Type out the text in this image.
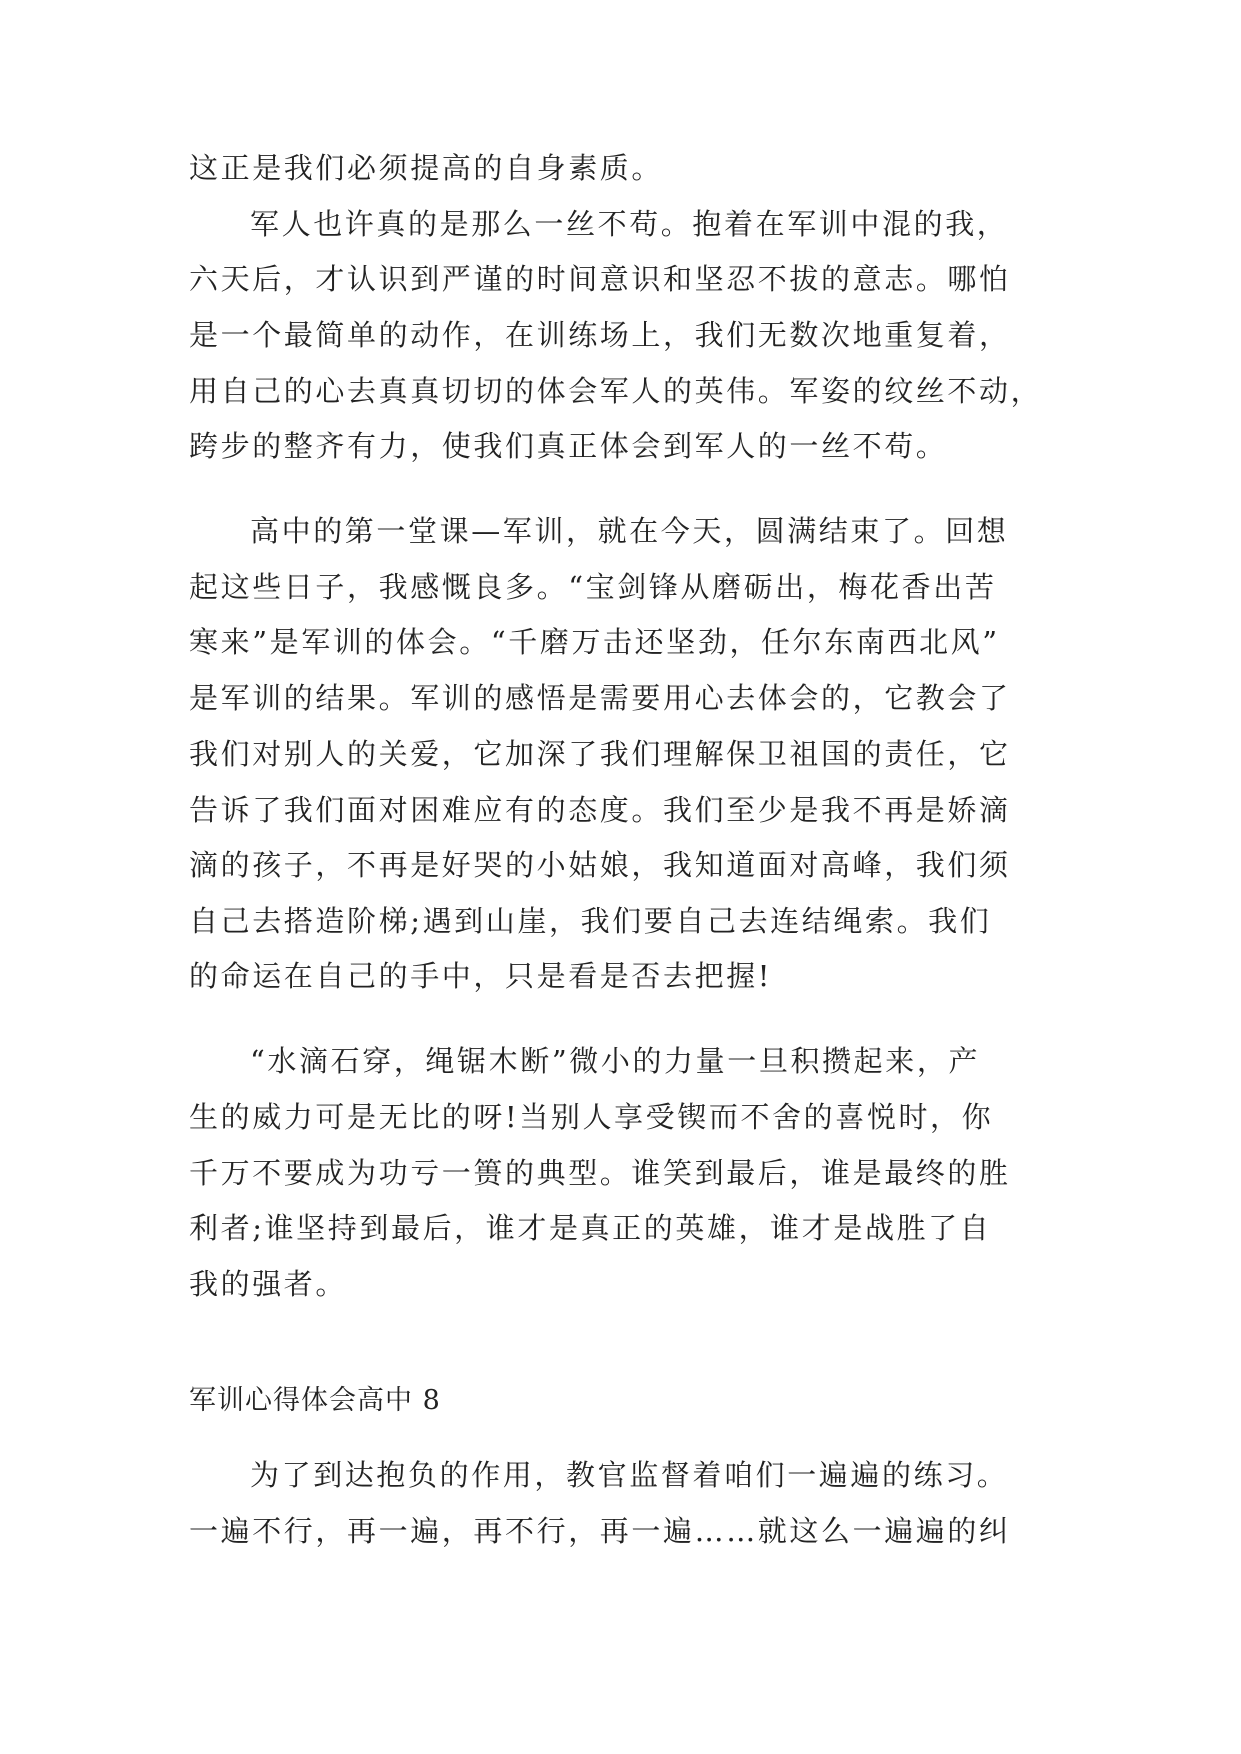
这正是我们必须提高的自身素质。
军人也许真的是那么一丝不苟。抱着在军训中混的我，
六天后，才认识到严谨的时间意识和坚忍不拔的意志。哪怕
是一个最简单的动作，在训练场上，我们无数次地重复着，
用自己的心去真真切切的体会军人的英伟。军姿的纹丝不动，
跨步的整齐有力，使我们真正体会到军人的一丝不苟。
高中的第一堂课—军训，就在今天，圆满结束了。回想
起这些日子，我感慨良多。“宝剑锋从磨砺出，梅花香出苦
寒来”是军训的体会。“千磨万击还坚劲，任尔东南西北风”
是军训的结果。军训的感悟是需要用心去体会的，它教会了
我们对别人的关爱，它加深了我们理解保卫祖国的责任，它
告诉了我们面对困难应有的态度。我们至少是我不再是娇滴
滴的孩子，不再是好哭的小姑娘，我知道面对高峰，我们须
自己去搭造阶梯;遇到山崖，我们要自己去连结绳索。我们
的命运在自己的手中，只是看是否去把握!
“水滴石穿，绳锯木断”微小的力量一旦积攒起来，产
生的威力可是无比的呀!当别人享受锲而不舍的喜悦时，你
千万不要成为功亏一篑的典型。谁笑到最后，谁是最终的胜
利者;谁坚持到最后，谁才是真正的英雄，谁才是战胜了自
我的强者。
军训心得体会高中 8
为了到达抱负的作用，教官监督着咱们一遍遍的练习。
一遍不行，再一遍，再不行，再一遍……就这么一遍遍的纠
